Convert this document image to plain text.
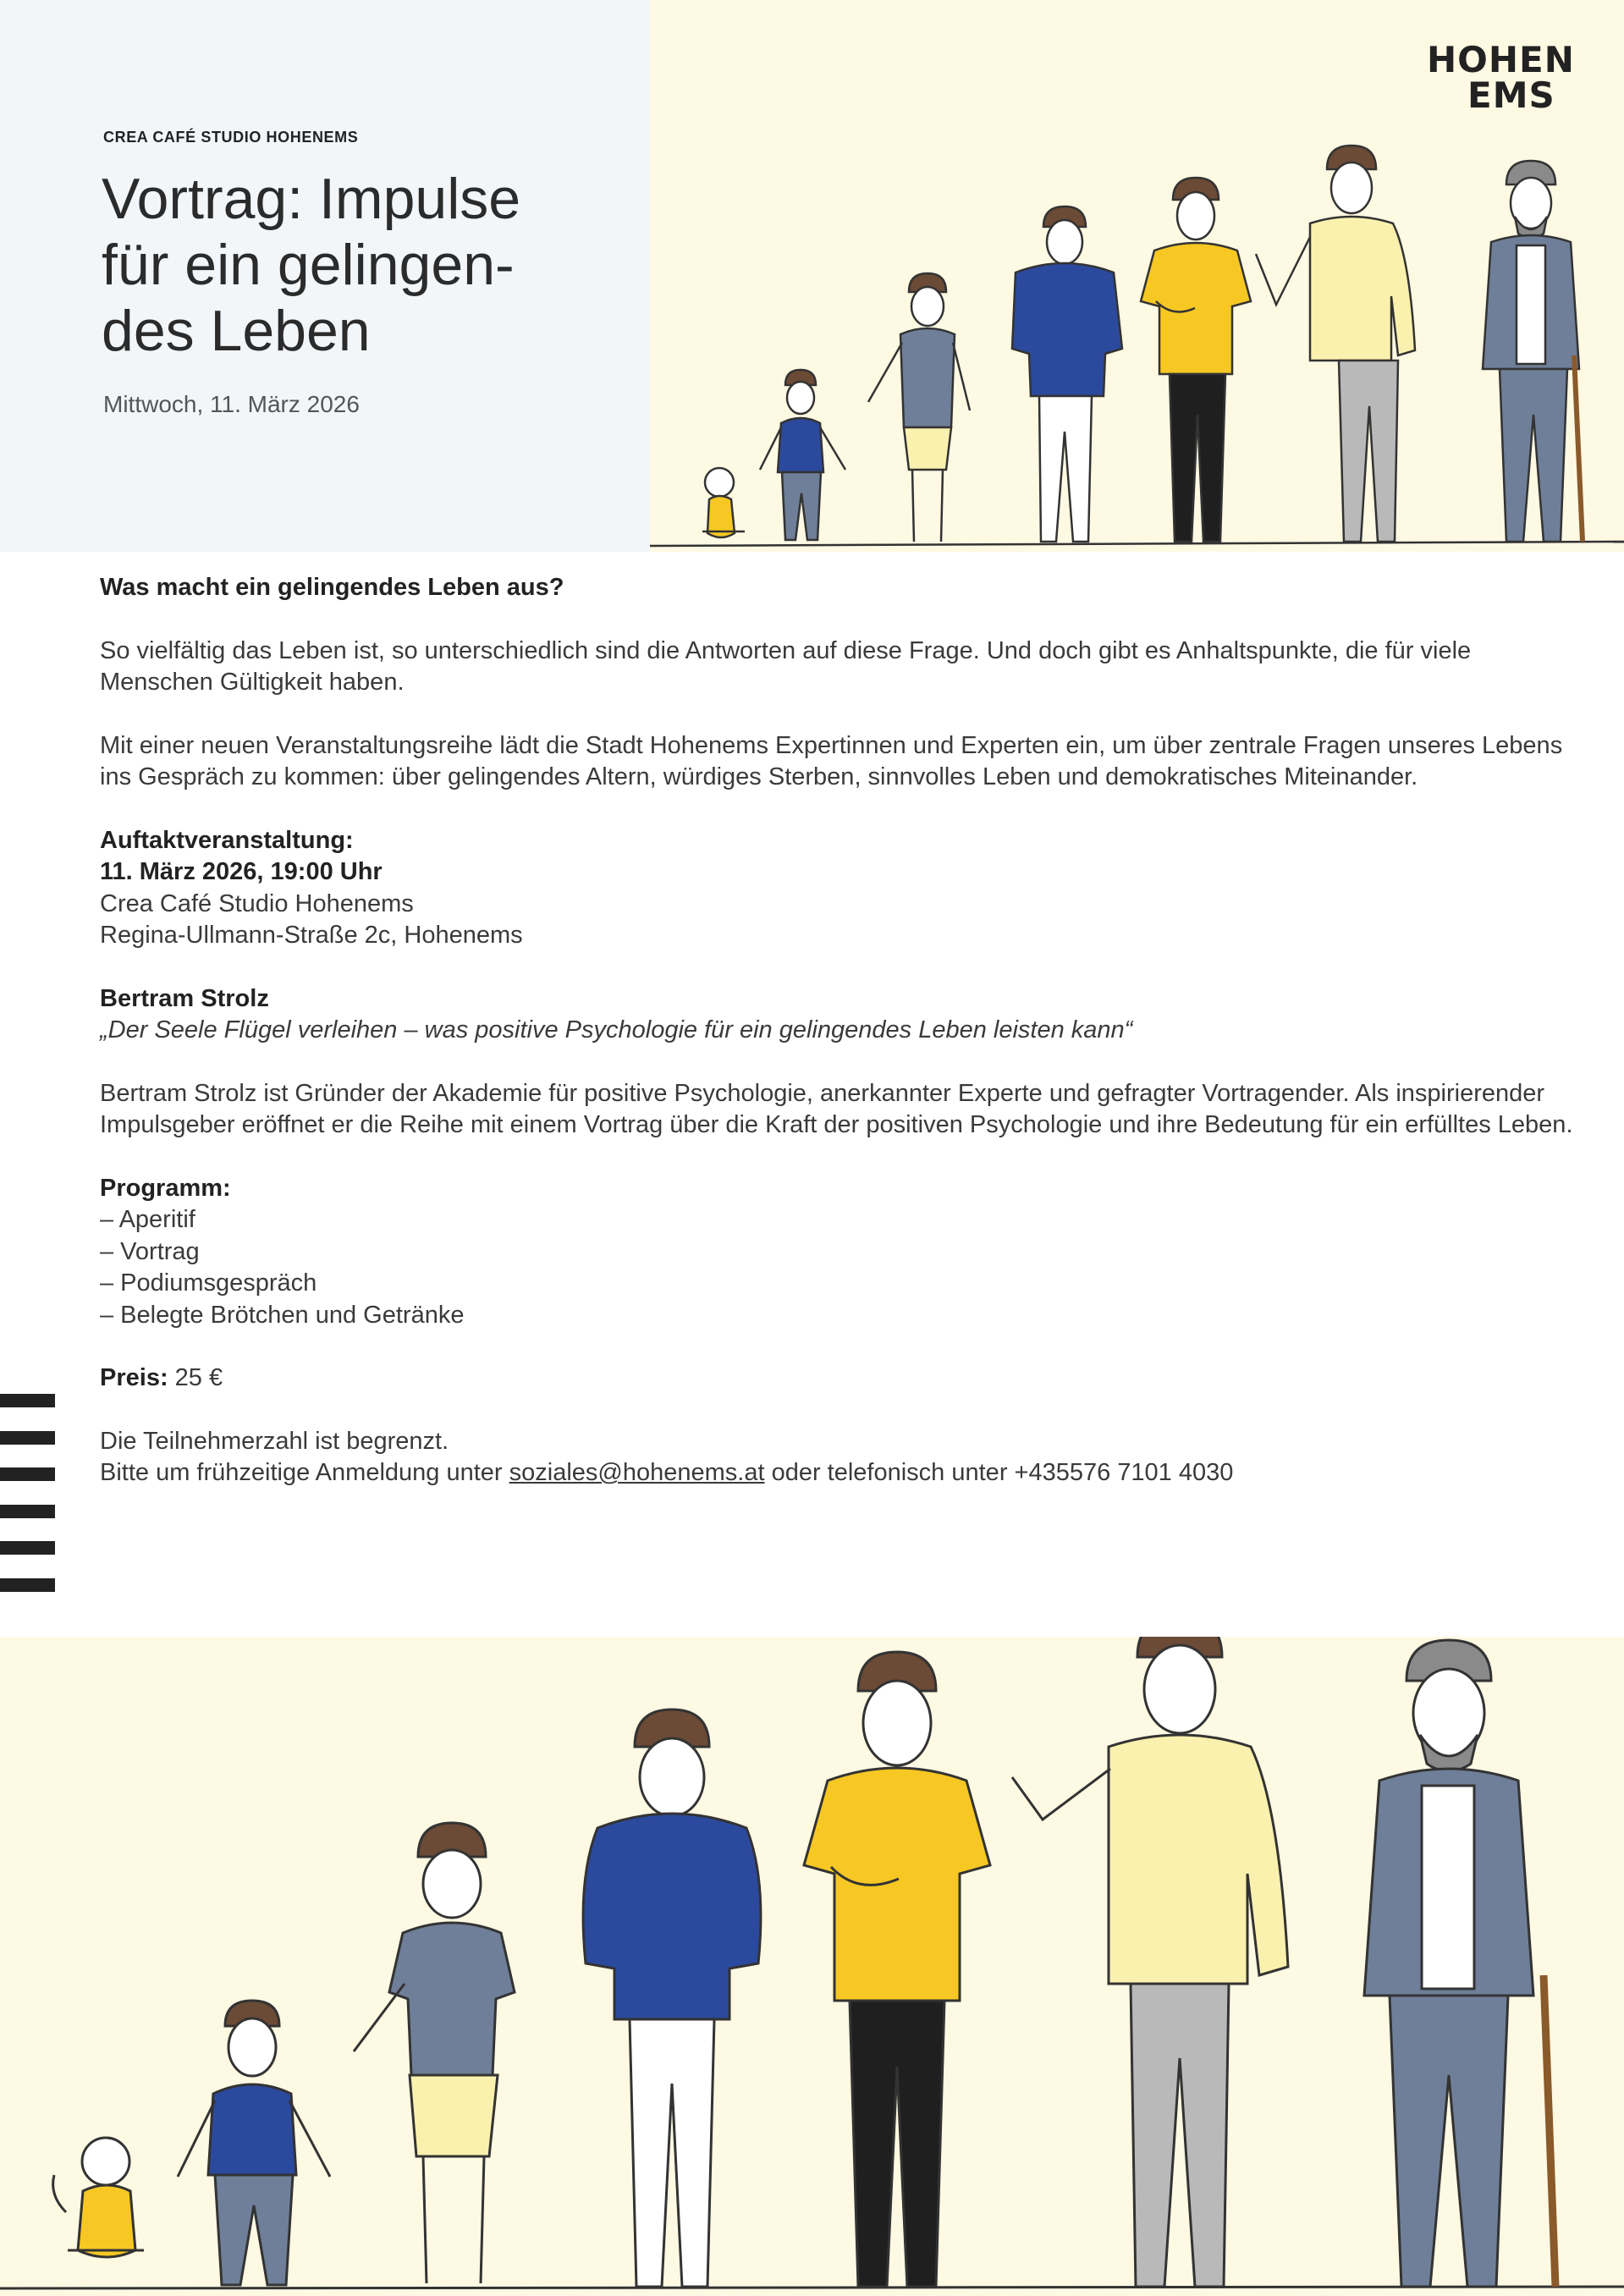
CREA CAFÉ STUDIO HOHENEMS
Vortrag: Impulse
für ein gelingen-
des Leben
Mittwoch, 11. März 2026
HOHEN
EMS
Was macht ein gelingendes Leben aus?
So vielfältig das Leben ist, so unterschiedlich sind die Antworten auf diese Frage. Und doch gibt es Anhaltspunkte, die für viele Menschen Gültigkeit haben.
Mit einer neuen Veranstaltungsreihe lädt die Stadt Hohenems Expertinnen und Experten ein, um über zentrale Fragen unseres Lebens ins Gespräch zu kommen: über gelingendes Altern, würdiges Sterben, sinnvolles Leben und demokratisches Miteinander.
Auftaktveranstaltung:
11. März 2026, 19:00 Uhr
Crea Café Studio Hohenems
Regina-Ullmann-Straße 2c, Hohenems
Bertram Strolz
„Der Seele Flügel verleihen – was positive Psychologie für ein gelingendes Leben leisten kann“
Bertram Strolz ist Gründer der Akademie für positive Psychologie, anerkannter Experte und gefragter Vortragender. Als inspirierender Impulsgeber eröffnet er die Reihe mit einem Vortrag über die Kraft der positiven Psychologie und ihre Bedeutung für ein erfülltes Leben.
Programm:
– Aperitif
– Vortrag
– Podiumsgespräch
– Belegte Brötchen und Getränke
Preis: 25 €
Die Teilnehmerzahl ist begrenzt.
Bitte um frühzeitige Anmeldung unter soziales@hohenems.at oder telefonisch unter +435576 7101 4030
